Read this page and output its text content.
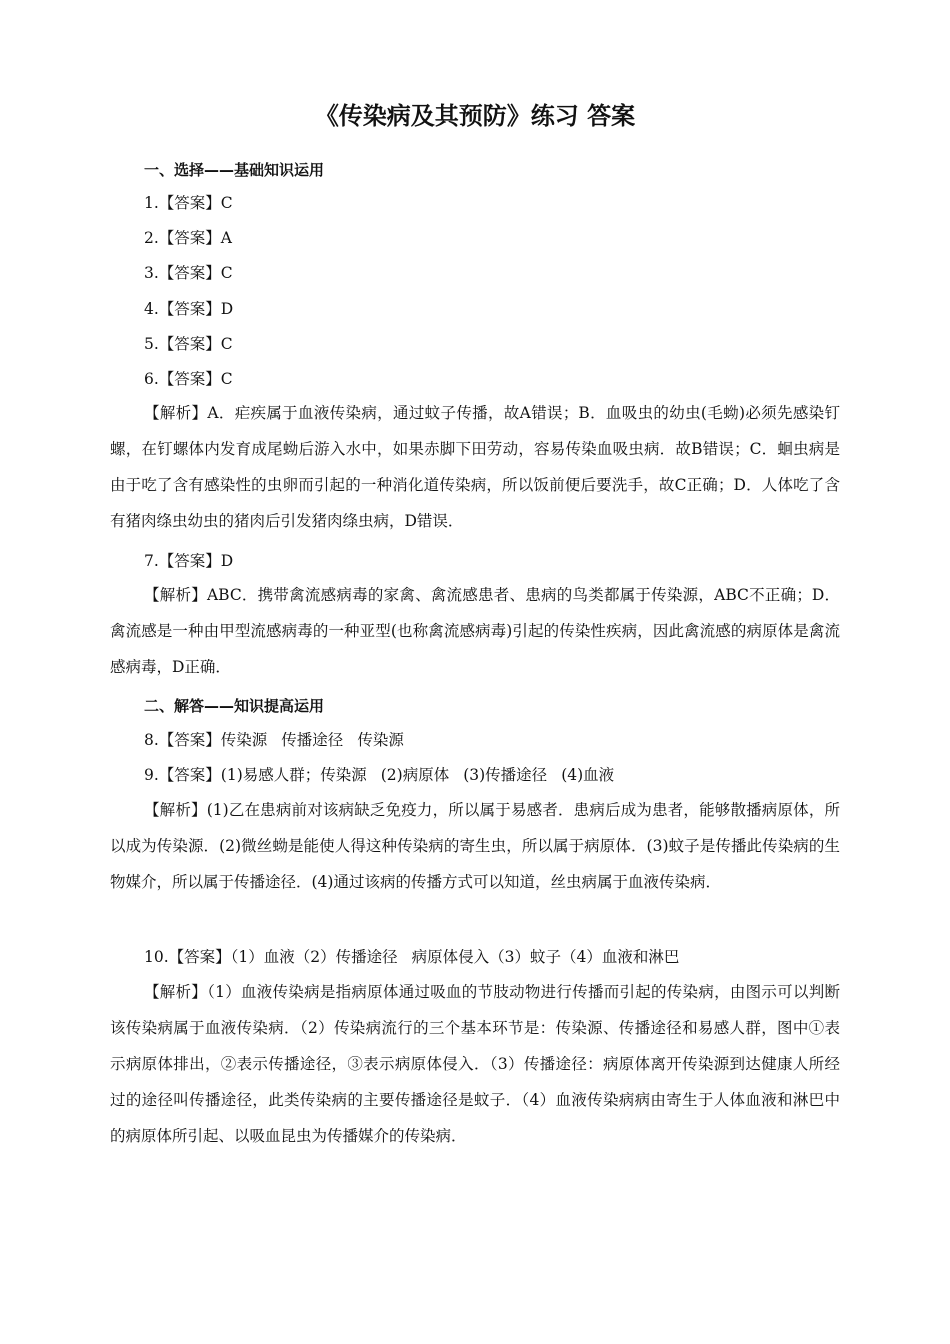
《传染病及其预防》练习 答案
一、选择——基础知识运用
1.【答案】C
2.【答案】A
3.【答案】C
4.【答案】D
5.【答案】C
6.【答案】C

【解析】A．疟疾属于血液传染病，通过蚊子传播，故A错误；B．血吸虫的幼虫(毛蚴)必须先感染钉螺，在钉螺体内发育成尾蚴后游入水中，如果赤脚下田劳动，容易传染血吸虫病．故B错误；C．蛔虫病是由于吃了含有感染性的虫卵而引起的一种消化道传染病，所以饭前便后要洗手，故C正确；D．人体吃了含有猪肉绦虫幼虫的猪肉后引发猪肉绦虫病，D错误．

7.【答案】D

【解析】ABC．携带禽流感病毒的家禽、禽流感患者、患病的鸟类都属于传染源，ABC不正确；D．禽流感是一种由甲型流感病毒的一种亚型(也称禽流感病毒)引起的传染性疾病，因此禽流感的病原体是禽流感病毒，D正确．

二、解答——知识提高运用
8.【答案】传染源 传播途径 传染源
9.【答案】(1)易感人群；传染源 (2)病原体 (3)传播途径 (4)血液

【解析】(1)乙在患病前对该病缺乏免疫力，所以属于易感者．患病后成为患者，能够散播病原体，所以成为传染源．(2)微丝蚴是能使人得这种传染病的寄生虫，所以属于病原体．(3)蚊子是传播此传染病的生物媒介，所以属于传播途径．(4)通过该病的传播方式可以知道，丝虫病属于血液传染病．

10.【答案】（1）血液（2）传播途径 病原体侵入（3）蚊子（4）血液和淋巴

【解析】（1）血液传染病是指病原体通过吸血的节肢动物进行传播而引起的传染病，由图示可以判断该传染病属于血液传染病．（2）传染病流行的三个基本环节是：传染源、传播途径和易感人群，图中①表示病原体排出，②表示传播途径，③表示病原体侵入．（3）传播途径：病原体离开传染源到达健康人所经过的途径叫传播途径，此类传染病的主要传播途径是蚊子．（4）血液传染病病由寄生于人体血液和淋巴中的病原体所引起、以吸血昆虫为传播媒介的传染病．
